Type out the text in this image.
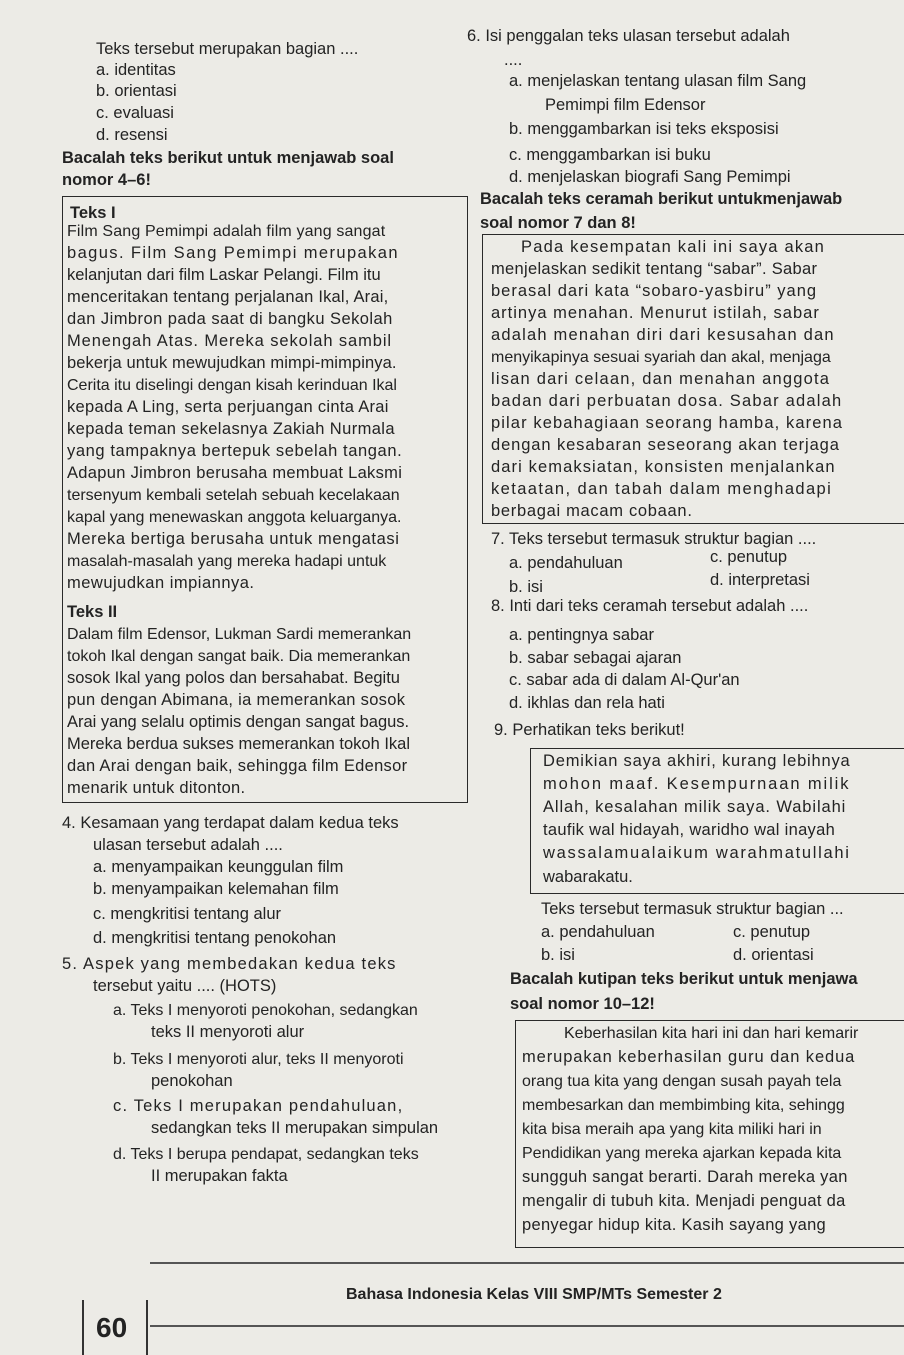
Teks tersebut merupakan bagian ....
a. identitas
b. orientasi
c. evaluasi
d. resensi
Bacalah teks berikut untuk menjawab soal
nomor 4–6!
Teks I
Film Sang Pemimpi adalah film yang sangat
bagus. Film Sang Pemimpi merupakan
kelanjutan dari film Laskar Pelangi. Film itu
menceritakan tentang perjalanan Ikal, Arai,
dan Jimbron pada saat di bangku Sekolah
Menengah Atas. Mereka sekolah sambil
bekerja untuk mewujudkan mimpi-mimpinya.
Cerita itu diselingi dengan kisah kerinduan Ikal
kepada A Ling, serta perjuangan cinta Arai
kepada teman sekelasnya Zakiah Nurmala
yang tampaknya bertepuk sebelah tangan.
Adapun Jimbron berusaha membuat Laksmi
tersenyum kembali setelah sebuah kecelakaan
kapal yang menewaskan anggota keluarganya.
Mereka bertiga berusaha untuk mengatasi
masalah-masalah yang mereka hadapi untuk
mewujudkan impiannya.
Teks II
Dalam film Edensor, Lukman Sardi memerankan
tokoh Ikal dengan sangat baik. Dia memerankan
sosok Ikal yang polos dan bersahabat. Begitu
pun dengan Abimana, ia memerankan sosok
Arai yang selalu optimis dengan sangat bagus.
Mereka berdua sukses memerankan tokoh Ikal
dan Arai dengan baik, sehingga film Edensor
menarik untuk ditonton.
4. Kesamaan yang terdapat dalam kedua teks
ulasan tersebut adalah ....
a. menyampaikan keunggulan film
b. menyampaikan kelemahan film
c. mengkritisi tentang alur
d. mengkritisi tentang penokohan
5. Aspek yang membedakan kedua teks
tersebut yaitu .... (HOTS)
a. Teks I menyoroti penokohan, sedangkan
teks II menyoroti alur
b. Teks I menyoroti alur, teks II menyoroti
penokohan
c. Teks I merupakan pendahuluan,
sedangkan teks II merupakan simpulan
d. Teks I berupa pendapat, sedangkan teks
II merupakan fakta
6. Isi penggalan teks ulasan tersebut adalah
....
a. menjelaskan tentang ulasan film Sang
Pemimpi film Edensor
b. menggambarkan isi teks eksposisi
c. menggambarkan isi buku
d. menjelaskan biografi Sang Pemimpi
Bacalah teks ceramah berikut untukmenjawab
soal nomor 7 dan 8!
Pada kesempatan kali ini saya akan
menjelaskan sedikit tentang “sabar”. Sabar
berasal dari kata “sobaro-yasbiru” yang
artinya menahan. Menurut istilah, sabar
adalah menahan diri dari kesusahan dan
menyikapinya sesuai syariah dan akal, menjaga
lisan dari celaan, dan menahan anggota
badan dari perbuatan dosa. Sabar adalah
pilar kebahagiaan seorang hamba, karena
dengan kesabaran seseorang akan terjaga
dari kemaksiatan, konsisten menjalankan
ketaatan, dan tabah dalam menghadapi
berbagai macam cobaan.
7. Teks tersebut termasuk struktur bagian ....
a. pendahuluan	c. penutup
b. isi	d. interpretasi
8. Inti dari teks ceramah tersebut adalah ....
a. pentingnya sabar
b. sabar sebagai ajaran
c. sabar ada di dalam Al-Qur'an
d. ikhlas dan rela hati
9. Perhatikan teks berikut!
Demikian saya akhiri, kurang lebihnya
mohon maaf. Kesempurnaan milik
Allah, kesalahan milik saya. Wabilahi
taufik wal hidayah, waridho wal inayah
wassalamualaikum warahmatullahi
wabarakatu.
Teks tersebut termasuk struktur bagian ...
a. pendahuluan	c. penutup
b. isi	d. orientasi
Bacalah kutipan teks berikut untuk menjawa
soal nomor 10–12!
Keberhasilan kita hari ini dan hari kemarir
merupakan keberhasilan guru dan kedua
orang tua kita yang dengan susah payah tela
membesarkan dan membimbing kita, sehingg
kita bisa meraih apa yang kita miliki hari in
Pendidikan yang mereka ajarkan kepada kita
sungguh sangat berarti. Darah mereka yan
mengalir di tubuh kita. Menjadi penguat da
penyegar hidup kita. Kasih sayang yang
60
Bahasa Indonesia Kelas VIII SMP/MTs Semester 2
